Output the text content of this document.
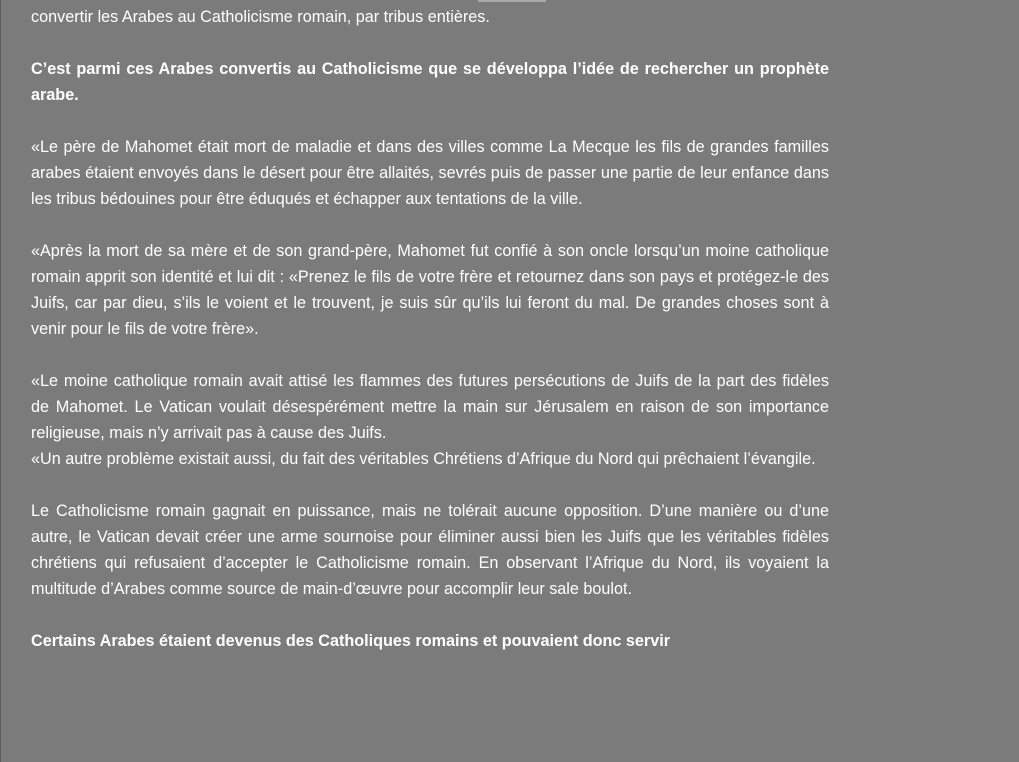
convertir les Arabes au Catholicisme romain, par tribus entières.

C’est parmi ces Arabes convertis au Catholicisme que se développa l’idée de rechercher un prophète arabe.

«Le père de Mahomet était mort de maladie et dans des villes comme La Mecque les fils de grandes familles arabes étaient envoyés dans le désert pour être allaités, sevrés puis de passer une partie de leur enfance dans les tribus bédouines pour être éduqués et échapper aux tentations de la ville.

«Après la mort de sa mère et de son grand-père, Mahomet fut confié à son oncle lorsqu’un moine catholique romain apprit son identité et lui dit : «Prenez le fils de votre frère et retournez dans son pays et protégez-le des Juifs, car par dieu, s’ils le voient et le trouvent, je suis sûr qu’ils lui feront du mal. De grandes choses sont à venir pour le fils de votre frère».

«Le moine catholique romain avait attisé les flammes des futures persécutions de Juifs de la part des fidèles de Mahomet. Le Vatican voulait désespérément mettre la main sur Jérusalem en raison de son importance religieuse, mais n’y arrivait pas à cause des Juifs.

«Un autre problème existait aussi, du fait des véritables Chrétiens d’Afrique du Nord qui prêchaient l’évangile.

Le Catholicisme romain gagnait en puissance, mais ne tolérait aucune opposition. D’une manière ou d’une autre, le Vatican devait créer une arme sournoise pour éliminer aussi bien les Juifs que les véritables fidèles chrétiens qui refusaient d’accepter le Catholicisme romain. En observant l’Afrique du Nord, ils voyaient la multitude d’Arabes comme source de main-d’œuvre pour accomplir leur sale boulot.

Certains Arabes étaient devenus des Catholiques romains et pouvaient donc servir
